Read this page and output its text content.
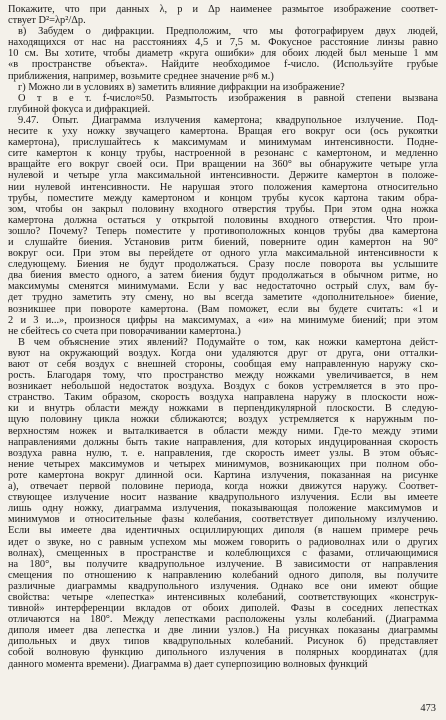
Покажите, что при данных λ, p и Δp наименее размытое изображение соответ-
ствует D²=λp²/Δp.
в) Забудем о дифракции. Предположим, что мы фотографируем двух людей,
находящихся от нас на расстояниях 4,5 и 7,5 м. Фокусное расстояние линзы равно
10 см. Вы хотите, чтобы диаметр «круга ошибки» для обоих людей был меньше 1 мм
«в пространстве объекта». Найдите необходимое f-число. (Используйте грубые
приближения, например, возьмите среднее значение p≈6 м.)
г) Можно ли в условиях в) заметить влияние дифракции на изображение?
О т в е т. f-число≈50. Размытость изображения в равной степени вызвана
глубиной фокуса и дифракцией.
9.47. Опыт. Диаграмма излучения камертона; квадрупольное излучение. Под-
несите к уху ножку звучащего камертона. Вращая его вокруг оси (ось рукоятки
камертона), прислушайтесь к максимумам и минимумам интенсивности. Подне-
сите камертон к концу трубы, настроенной в резонанс с камертоном, и медленно
вращайте его вокруг своей оси. При вращении на 360° вы обнаружите четыре угла
нулевой и четыре угла максимальной интенсивности. Держите камертон в положе-
нии нулевой интенсивности. Не нарушая этого положения камертона относительно
трубы, поместите между камертоном и концом трубы кусок картона таким обра-
зом, чтобы он закрыл половину входного отверстия трубы. При этом одна ножка
камертона должна остаться у открытой половины входного отверстия. Что прои-
зошло? Почему? Теперь поместите у противоположных концов трубы два камертона
и слушайте биения. Установив ритм биений, поверните один камертон на 90°
вокруг оси. При этом вы перейдете от одного угла максимальной интенсивности к
следующему. Биения не будут продолжаться. Сразу после поворота вы услышите
два биения вместо одного, а затем биения будут продолжаться в обычном ритме, но
максимумы сменятся минимумами. Если у вас недостаточно острый слух, вам бу-
дет трудно заметить эту смену, но вы всегда заметите «дополнительное» биение,
возникшее при повороте камертона. (Вам поможет, если вы будете считать: «1 и
2 и 3 и...», произнося цифры на максимумах, а «и» на минимуме биений; при этом
не сбейтесь со счета при поворачивании камертона.)
В чем объяснение этих явлений? Подумайте о том, как ножки камертона дейст-
вуют на окружающий воздух. Когда они удаляются друг от друга, они отталки-
вают от себя воздух с внешней стороны, сообщая ему направленную наружу ско-
рость. Благодаря тому, что пространство между ножками увеличивается, в нем
возникает небольшой недостаток воздуха. Воздух с боков устремляется в это про-
странство. Таким образом, скорость воздуха направлена наружу в плоскости нож-
ки и внутрь области между ножками в перпендикулярной плоскости. В следую-
щую половину цикла ножки сближаются; воздух устремляется к наружным по-
верхностям ножек и выталкивается в области между ними. Где-то между этими
направлениями должны быть такие направления, для которых индуцированная скорость
воздуха равна нулю, т. е. направления, где скорость имеет узлы. В этом объяс-
нение четырех максимумов и четырех минимумов, возникающих при полном обо-
роте камертона вокруг длинной оси. Картина излучения, показанная на рисунке
а), отвечает первой половине периода, когда ножки движутся наружу. Соответ-
ствующее излучение носит название квадрупольного излучения. Если вы имеете
лишь одну ножку, диаграмма излучения, показывающая положение максимумов и
минимумов и относительные фазы колебания, соответствует дипольному излучению.
Если вы имеете два идентичных осциллирующих диполя (в нашем примере речь
идет о звуке, но с равным успехом мы можем говорить о радиоволнах или о других
волнах), смещенных в пространстве и колеблющихся с фазами, отличающимися
на 180°, вы получите квадрупольное излучение. В зависимости от направления
смещения по отношению к направлению колебаний одного диполя, вы получите
различные диаграммы квадрупольного излучения. Однако все они имеют общие
свойства: четыре «лепестка» интенсивных колебаний, соответствующих «конструк-
тивной» интерференции вкладов от обоих диполей. Фазы в соседних лепестках
отличаются на 180°. Между лепестками расположены узлы колебаний. (Диаграмма
диполя имеет два лепестка и две линии узлов.) На рисунках показаны диаграммы
дипольных и двух типов квадрупольных колебаний. Рисунок б) представляет
собой волновую функцию дипольного излучения в полярных координатах (для
данного момента времени). Диаграмма в) дает суперпозицию волновых функций
473
